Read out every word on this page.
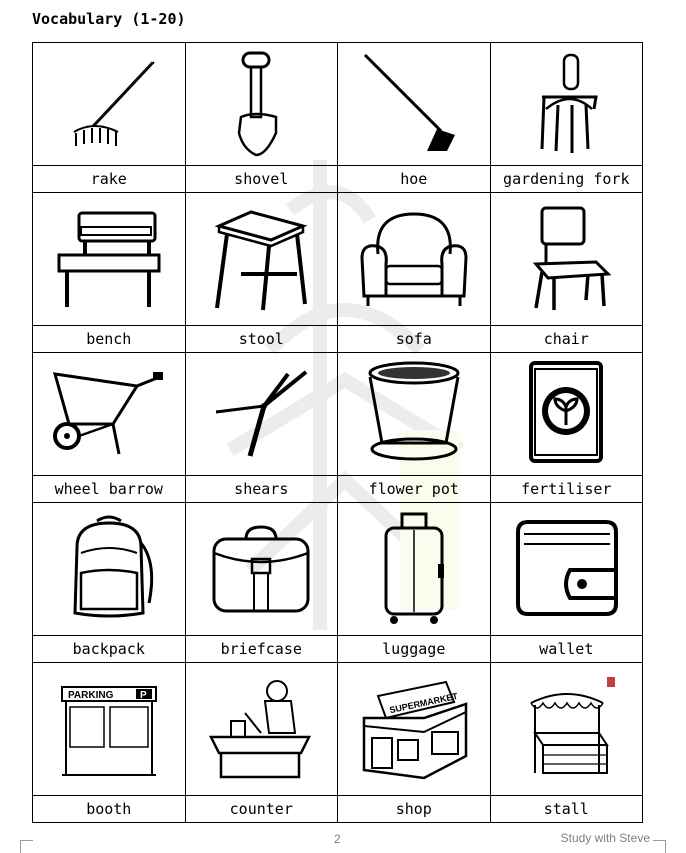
Vocabulary (1-20)

rake	shovel	hoe	gardening fork

bench	stool	sofa	chair

wheel barrow	shears	flower pot	fertiliser

backpack	briefcase	luggage	wallet

PARKING P		SUPERMARKET

booth	counter	shop	stall
2	Study with Steve
